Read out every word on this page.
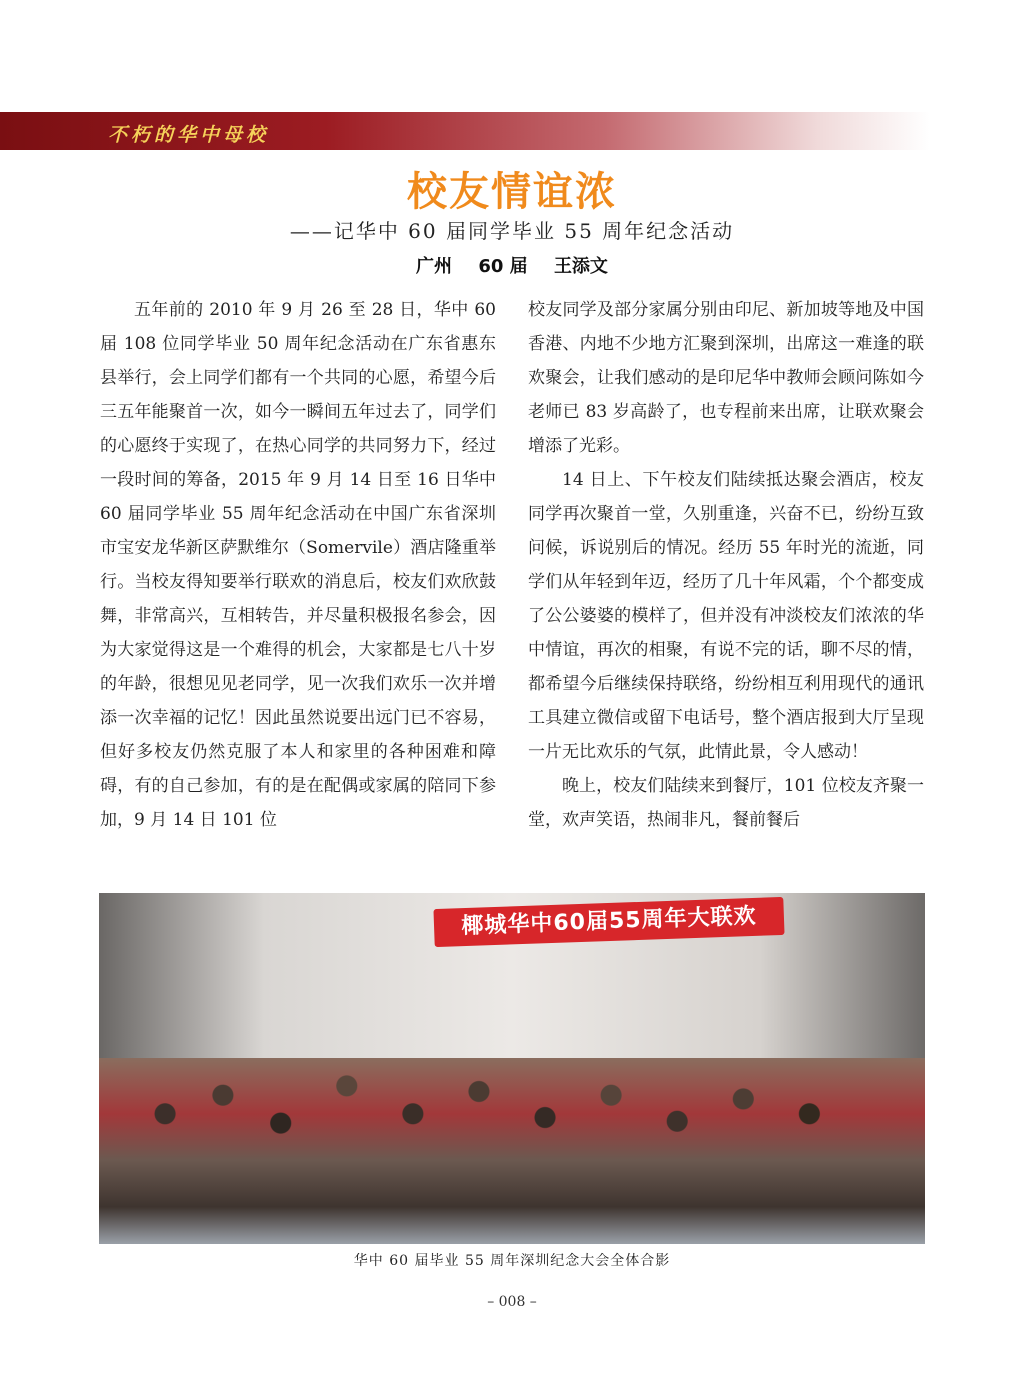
不朽的华中母校
校友情谊浓
——记华中 60 届同学毕业 55 周年纪念活动
广州 60 届 王添文

五年前的 2010 年 9 月 26 至 28 日，华中 60 届 108 位同学毕业 50 周年纪念活动在广东省惠东县举行，会上同学们都有一个共同的心愿，希望今后三五年能聚首一次，如今一瞬间五年过去了，同学们的心愿终于实现了，在热心同学的共同努力下，经过一段时间的筹备，2015 年 9 月 14 日至 16 日华中 60 届同学毕业 55 周年纪念活动在中国广东省深圳市宝安龙华新区萨默维尔（Somervile）酒店隆重举行。当校友得知要举行联欢的消息后，校友们欢欣鼓舞，非常高兴，互相转告，并尽量积极报名参会，因为大家觉得这是一个难得的机会，大家都是七八十岁的年龄，很想见见老同学，见一次我们欢乐一次并增添一次幸福的记忆！因此虽然说要出远门已不容易，但好多校友仍然克服了本人和家里的各种困难和障碍，有的自己参加，有的是在配偶或家属的陪同下参加，9 月 14 日 101 位

校友同学及部分家属分别由印尼、新加坡等地及中国香港、内地不少地方汇聚到深圳，出席这一难逢的联欢聚会，让我们感动的是印尼华中教师会顾问陈如今老师已 83 岁高龄了，也专程前来出席，让联欢聚会增添了光彩。

14 日上、下午校友们陆续抵达聚会酒店，校友同学再次聚首一堂，久别重逢，兴奋不已，纷纷互致问候，诉说别后的情况。经历 55 年时光的流逝，同学们从年轻到年迈，经历了几十年风霜，个个都变成了公公婆婆的模样了，但并没有冲淡校友们浓浓的华中情谊，再次的相聚，有说不完的话，聊不尽的情，都希望今后继续保持联络，纷纷相互利用现代的通讯工具建立微信或留下电话号，整个酒店报到大厅呈现一片无比欢乐的气氛，此情此景，令人感动！

晚上，校友们陆续来到餐厅，101 位校友齐聚一堂，欢声笑语，热闹非凡，餐前餐后

椰城华中60届55周年大联欢
华中 60 届毕业 55 周年深圳纪念大会全体合影
– 008 –
